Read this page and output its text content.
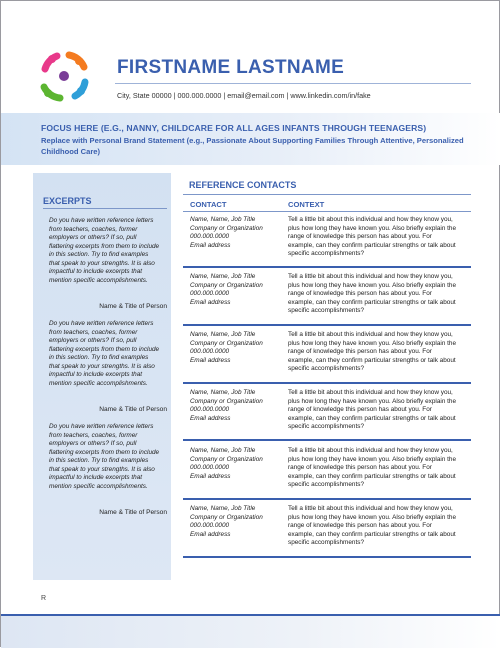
FIRSTNAME LASTNAME
City, State 00000 | 000.000.0000 | email@email.com | www.linkedin.com/in/fake
FOCUS HERE (E.G., NANNY, CHILDCARE FOR ALL AGES INFANTS THROUGH TEENAGERS)
Replace with Personal Brand Statement (e.g., Passionate About Supporting Families Through Attentive, Personalized Childhood Care)
EXCERPTS
Do you have written reference letters
from teachers, coaches, former
employers or others? If so, pull
flattering excerpts from them to include
in this section. Try to find examples
that speak to your strengths. It is also
impactful to include excerpts that
mention specific accomplishments.
Name & Title of Person
Do you have written reference letters
from teachers, coaches, former
employers or others? If so, pull
flattering excerpts from them to include
in this section. Try to find examples
that speak to your strengths. It is also
impactful to include excerpts that
mention specific accomplishments.
Name & Title of Person
Do you have written reference letters
from teachers, coaches, former
employers or others? If so, pull
flattering excerpts from them to include
in this section. Try to find examples
that speak to your strengths. It is also
impactful to include excerpts that
mention specific accomplishments.
Name & Title of Person
REFERENCE CONTACTS
CONTACT	CONTEXT
Name, Name, Job Title
Company or Organization
000.000.0000
Email address
Tell a little bit about this individual and how they know you,
plus how long they have known you. Also briefly explain the
range of knowledge this person has about you. For
example, can they confirm particular strengths or talk about
specific accomplishments?
Name, Name, Job Title
Company or Organization
000.000.0000
Email address
Tell a little bit about this individual and how they know you,
plus how long they have known you. Also briefly explain the
range of knowledge this person has about you. For
example, can they confirm particular strengths or talk about
specific accomplishments?
Name, Name, Job Title
Company or Organization
000.000.0000
Email address
Tell a little bit about this individual and how they know you,
plus how long they have known you. Also briefly explain the
range of knowledge this person has about you. For
example, can they confirm particular strengths or talk about
specific accomplishments?
Name, Name, Job Title
Company or Organization
000.000.0000
Email address
Tell a little bit about this individual and how they know you,
plus how long they have known you. Also briefly explain the
range of knowledge this person has about you. For
example, can they confirm particular strengths or talk about
specific accomplishments?
Name, Name, Job Title
Company or Organization
000.000.0000
Email address
Tell a little bit about this individual and how they know you,
plus how long they have known you. Also briefly explain the
range of knowledge this person has about you. For
example, can they confirm particular strengths or talk about
specific accomplishments?
Name, Name, Job Title
Company or Organization
000.000.0000
Email address
Tell a little bit about this individual and how they know you,
plus how long they have known you. Also briefly explain the
range of knowledge this person has about you. For
example, can they confirm particular strengths or talk about
specific accomplishments?
R
